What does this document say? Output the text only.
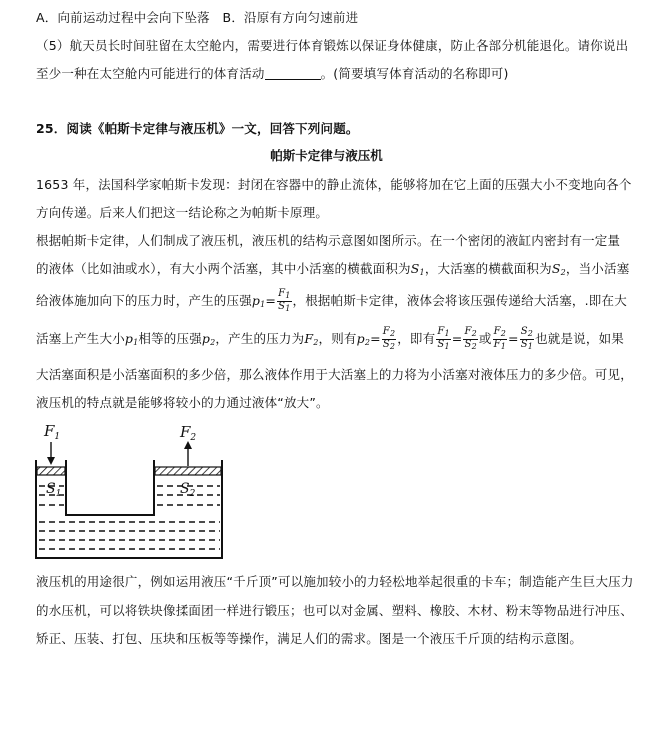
A．向前运动过程中会向下坠落　B．沿原有方向匀速前进
（5）航天员长时间驻留在太空舱内，需要进行体育锻炼以保证身体健康，防止各部分机能退化。请你说出
至少一种在太空舱内可能进行的体育活动	。(简要填写体育活动的名称即可)
25．阅读《帕斯卡定律与液压机》一文，回答下列问题。
帕斯卡定律与液压机
1653 年，法国科学家帕斯卡发现：封闭在容器中的静止流体，能够将加在它上面的压强大小不变地向各个
方向传递。后来人们把这一结论称之为帕斯卡原理。
根据帕斯卡定律，人们制成了液压机，液压机的结构示意图如图所示。在一个密闭的液缸内密封有一定量
的液体（比如油或水），有大小两个活塞，其中小活塞的横截面积为$S_1$，大活塞的横截面积为$S_2$，当小活塞
给液体施加向下的压力时，产生的压强$p_1= \frac{F_1}{S_1}$ ，根据帕斯卡定律，液体会将该压强传递给大活塞，.即在大
活塞上产生大小$p_1$相等的压强$p_2$，产生的压力为$F_2$，则有$p_2= \frac{F_2}{S_2}$ ，即有 $\frac{F_1}{S_1} = \frac{F_2}{S_2}$ 或 $\frac{F_2}{F_1} = \frac{S_2}{S_1}$ 也就是说，如果
大活塞面积是小活塞面积的多少倍，那么液体作用于大活塞上的力将为小活塞对液体压力的多少倍。可见，
液压机的特点就是能够将较小的力通过液体“放大”。
$F_1$	$F_2$
$S_1$	$S_2$
液压机的用途很广，例如运用液压“千斤顶”可以施加较小的力轻松地举起很重的卡车；制造能产生巨大压力
的水压机，可以将铁块像揉面团一样进行锻压；也可以对金属、塑料、橡胶、木材、粉末等物品进行冲压、
矫正、压装、打包、压块和压板等等操作，满足人们的需求。图是一个液压千斤顶的结构示意图。
